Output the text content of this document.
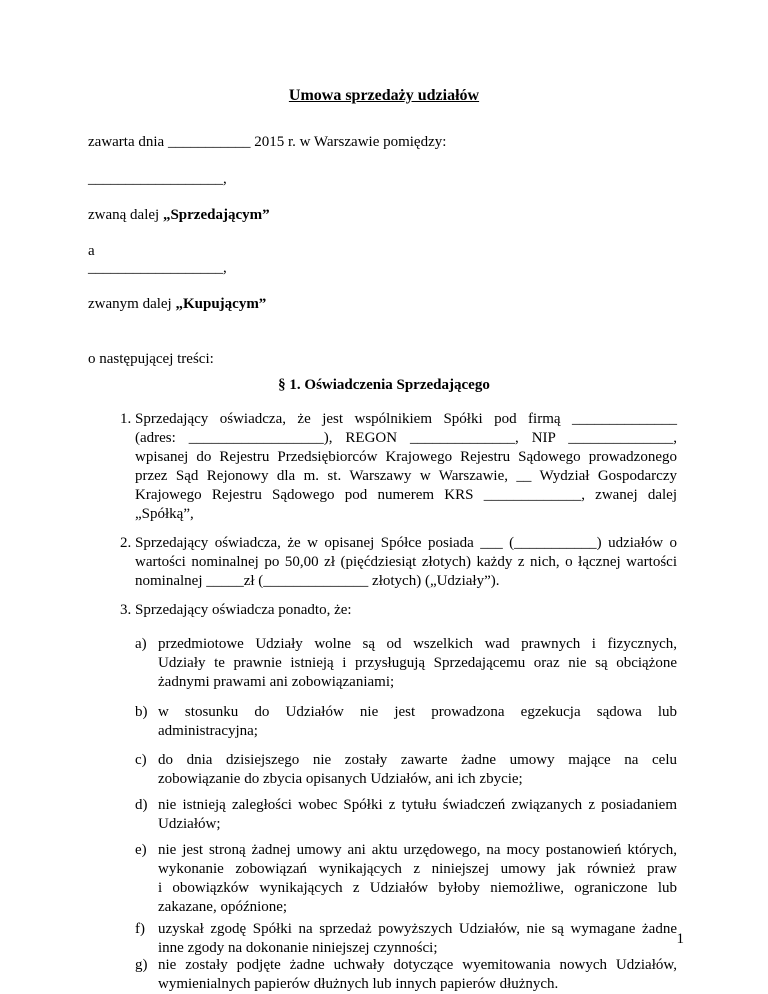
Umowa sprzedaży udziałów
zawarta dnia ___________ 2015 r. w Warszawie pomiędzy:
__________________,
zwaną dalej „Sprzedającym”
a
__________________,
zwanym dalej „Kupującym”
o następującej treści:
§ 1. Oświadczenia Sprzedającego
1. Sprzedający oświadcza, że jest wspólnikiem Spółki pod firmą ______________
(adres: __________________), REGON ______________, NIP ______________,
wpisanej do Rejestru Przedsiębiorców Krajowego Rejestru Sądowego prowadzonego
przez Sąd Rejonowy dla m. st. Warszawy w Warszawie, __ Wydział Gospodarczy
Krajowego Rejestru Sądowego pod numerem KRS _____________, zwanej dalej
„Spółką”,
2. Sprzedający oświadcza, że w opisanej Spółce posiada ___ (___________) udziałów o
wartości nominalnej po 50,00 zł (pięćdziesiąt złotych) każdy z nich, o łącznej wartości
nominalnej _____zł (______________ złotych) („Udziały”).
3. Sprzedający oświadcza ponadto, że:
a) przedmiotowe Udziały wolne są od wszelkich wad prawnych i fizycznych,
Udziały te prawnie istnieją i przysługują Sprzedającemu oraz nie są obciążone
żadnymi prawami ani zobowiązaniami;
b) w stosunku do Udziałów nie jest prowadzona egzekucja sądowa lub
administracyjna;
c) do dnia dzisiejszego nie zostały zawarte żadne umowy mające na celu
zobowiązanie do zbycia opisanych Udziałów, ani ich zbycie;
d) nie istnieją zaległości wobec Spółki z tytułu świadczeń związanych z posiadaniem
Udziałów;
e) nie jest stroną żadnej umowy ani aktu urzędowego, na mocy postanowień których,
wykonanie zobowiązań wynikających z niniejszej umowy jak również praw
i obowiązków wynikających z Udziałów byłoby niemożliwe, ograniczone lub
zakazane, opóźnione;
f) uzyskał zgodę Spółki na sprzedaż powyższych Udziałów, nie są wymagane żadne
inne zgody na dokonanie niniejszej czynności;
g) nie zostały podjęte żadne uchwały dotyczące wyemitowania nowych Udziałów,
wymienialnych papierów dłużnych lub innych papierów dłużnych.
1
